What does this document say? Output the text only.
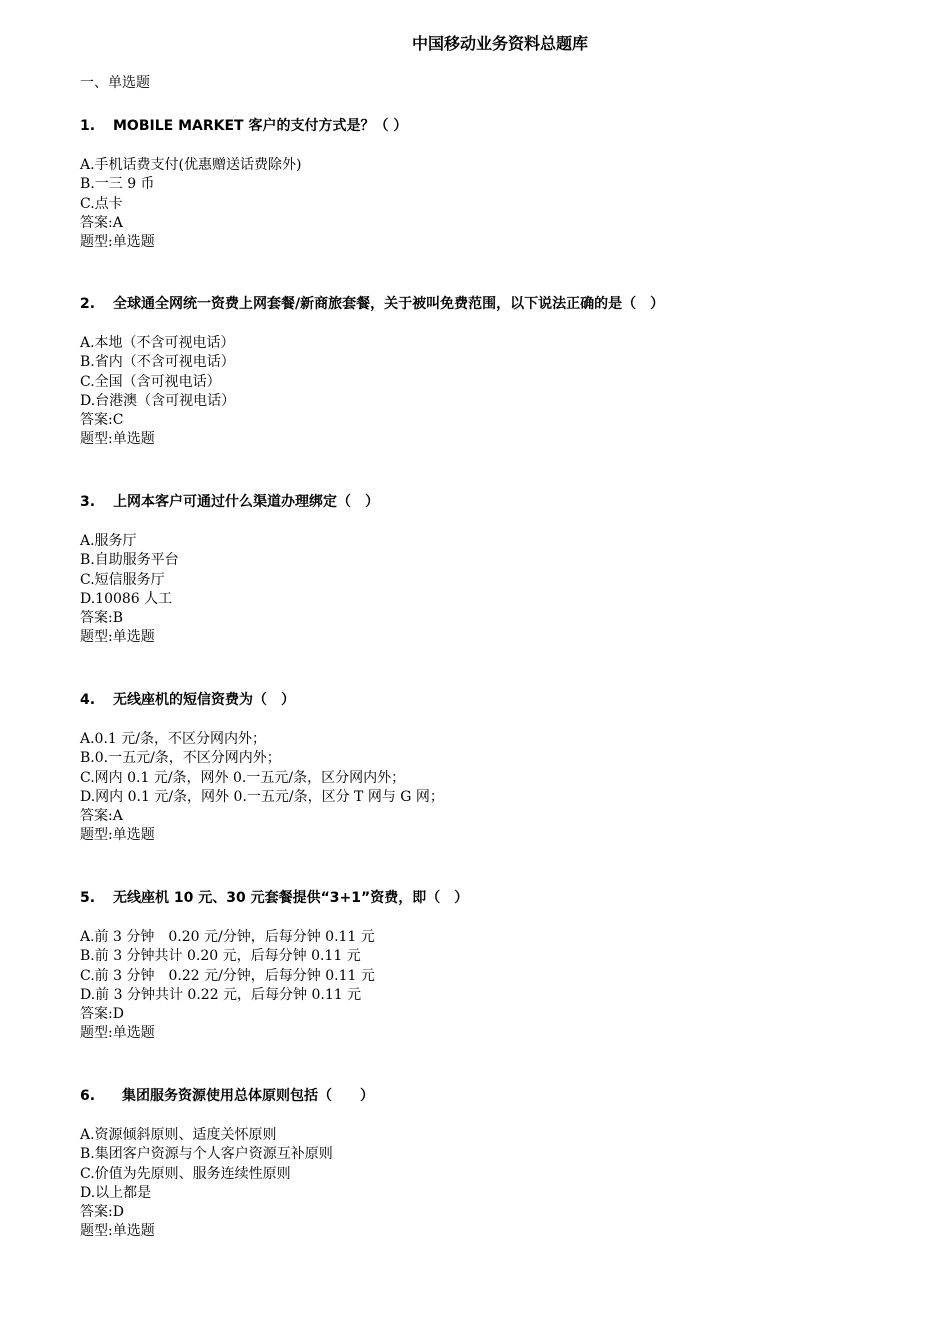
中国移动业务资料总题库
一、单选题
1. MOBILE MARKET 客户的支付方式是？（ ）
A.手机话费支付(优惠赠送话费除外)
B.一三 9 币
C.点卡
答案:A
题型:单选题
2. 全球通全网统一资费上网套餐/新商旅套餐，关于被叫免费范围，以下说法正确的是（　）
A.本地（不含可视电话）
B.省内（不含可视电话）
C.全国（含可视电话）
D.台港澳（含可视电话）
答案:C
题型:单选题
3. 上网本客户可通过什么渠道办理绑定（　）
A.服务厅
B.自助服务平台
C.短信服务厅
D.10086 人工
答案:B
题型:单选题
4. 无线座机的短信资费为（　）
A.0.1 元/条，不区分网内外；
B.0.一五元/条，不区分网内外；
C.网内 0.1 元/条，网外 0.一五元/条，区分网内外；
D.网内 0.1 元/条，网外 0.一五元/条，区分 T 网与 G 网；
答案:A
题型:单选题
5. 无线座机 10 元、30 元套餐提供“3+1”资费，即（　）
A.前 3 分钟　0.20 元/分钟，后每分钟 0.11 元
B.前 3 分钟共计 0.20 元，后每分钟 0.11 元
C.前 3 分钟　0.22 元/分钟，后每分钟 0.11 元
D.前 3 分钟共计 0.22 元，后每分钟 0.11 元
答案:D
题型:单选题
6. 集团服务资源使用总体原则包括（　　）
A.资源倾斜原则、适度关怀原则
B.集团客户资源与个人客户资源互补原则
C.价值为先原则、服务连续性原则
D.以上都是
答案:D
题型:单选题
